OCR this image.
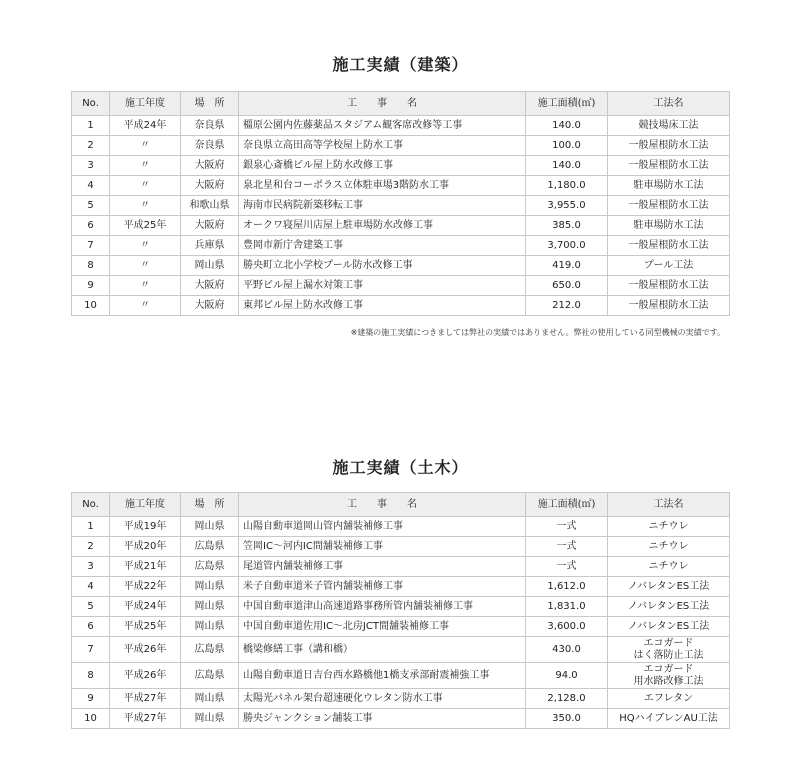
施工実績（建築）
No.	施工年度	場　所	工　　事　　名	施工面積(㎡)	工法名
1	平成24年	奈良県	橿原公園内佐藤薬品スタジアム観客席改修等工事	140.0	競技場床工法
2	〃	奈良県	奈良県立高田高等学校屋上防水工事	100.0	一般屋根防水工法
3	〃	大阪府	銀泉心斎橋ビル屋上防水改修工事	140.0	一般屋根防水工法
4	〃	大阪府	泉北星和台コーポラス立体駐車場3階防水工事	1,180.0	駐車場防水工法
5	〃	和歌山県	海南市民病院新築移転工事	3,955.0	一般屋根防水工法
6	平成25年	大阪府	オークワ寝屋川店屋上駐車場防水改修工事	385.0	駐車場防水工法
7	〃	兵庫県	豊岡市新庁舎建築工事	3,700.0	一般屋根防水工法
8	〃	岡山県	勝央町立北小学校プール防水改修工事	419.0	プール工法
9	〃	大阪府	平野ビル屋上漏水対策工事	650.0	一般屋根防水工法
10	〃	大阪府	東邦ビル屋上防水改修工事	212.0	一般屋根防水工法
※建築の施工実績につきましては弊社の実績ではありません。弊社の使用している同型機械の実績です。
施工実績（土木）
No.	施工年度	場　所	工　　事　　名	施工面積(㎡)	工法名
1	平成19年	岡山県	山陽自動車道岡山管内舗装補修工事	一式	ニチウレ
2	平成20年	広島県	笠岡IC～河内IC間舗装補修工事	一式	ニチウレ
3	平成21年	広島県	尾道管内舗装補修工事	一式	ニチウレ
4	平成22年	岡山県	米子自動車道米子管内舗装補修工事	1,612.0	ノバレタンES工法
5	平成24年	岡山県	中国自動車道津山高速道路事務所管内舗装補修工事	1,831.0	ノバレタンES工法
6	平成25年	岡山県	中国自動車道佐用IC～北房JCT間舗装補修工事	3,600.0	ノバレタンES工法
7	平成26年	広島県	橋梁修繕工事（講和橋）	430.0	エコガード
はく落防止工法
8	平成26年	広島県	山陽自動車道日吉台西水路橋他1橋支承部耐震補強工事	94.0	エコガード
用水路改修工法
9	平成27年	岡山県	太陽光パネル架台超速硬化ウレタン防水工事	2,128.0	エフレタン
10	平成27年	岡山県	勝央ジャンクション舗装工事	350.0	HQハイブレンAU工法
